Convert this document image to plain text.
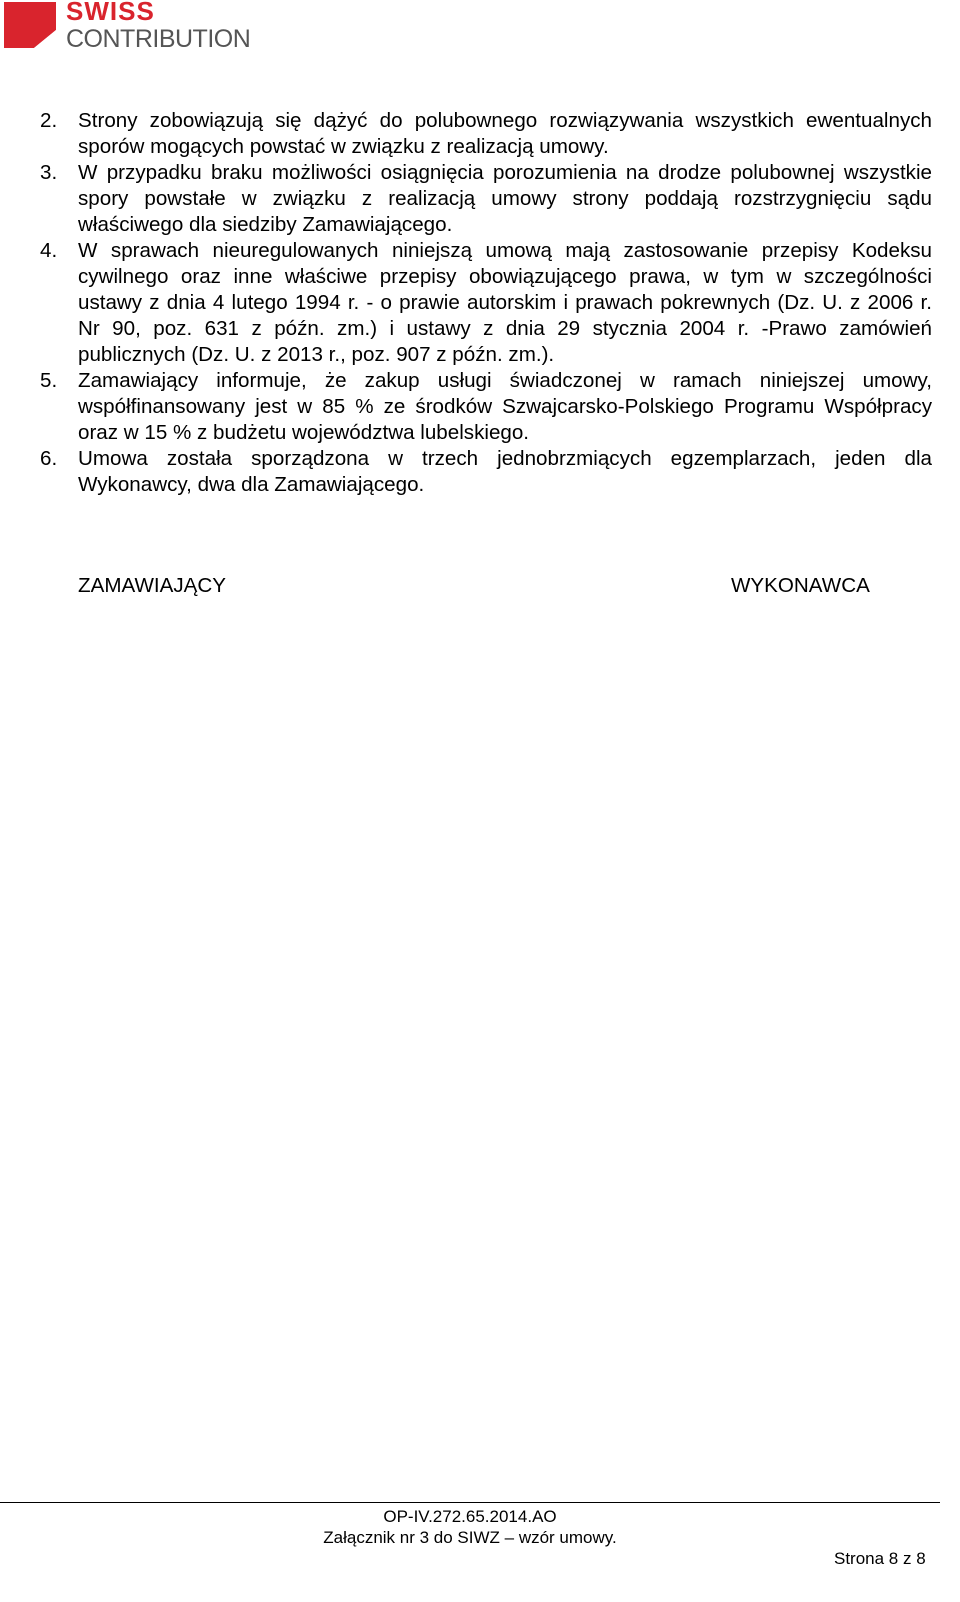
SWISS
CONTRIBUTION
2. Strony zobowiązują się dążyć do polubownego rozwiązywania wszystkich ewentualnych sporów mogących powstać w związku z realizacją umowy.
3. W przypadku braku możliwości osiągnięcia porozumienia na drodze polubownej wszystkie spory powstałe w związku z realizacją umowy strony poddają rozstrzygnięciu sądu właściwego dla siedziby Zamawiającego.
4. W sprawach nieuregulowanych niniejszą umową mają zastosowanie przepisy Kodeksu cywilnego oraz inne właściwe przepisy obowiązującego prawa, w tym w szczególności ustawy z dnia 4 lutego 1994 r. - o prawie autorskim i prawach pokrewnych (Dz. U. z 2006 r. Nr 90, poz. 631 z późn. zm.) i ustawy z dnia 29 stycznia 2004 r. -Prawo zamówień publicznych (Dz. U. z 2013 r., poz. 907 z późn. zm.).
5. Zamawiający informuje, że zakup usługi świadczonej w ramach niniejszej umowy, współfinansowany jest w 85 % ze środków Szwajcarsko-Polskiego Programu Współpracy oraz w 15 % z budżetu województwa lubelskiego.
6. Umowa została sporządzona w trzech jednobrzmiących egzemplarzach, jeden dla Wykonawcy, dwa dla Zamawiającego.
ZAMAWIAJĄCY	WYKONAWCA
OP-IV.272.65.2014.AO
Załącznik nr 3 do SIWZ – wzór umowy.
Strona 8 z 8
